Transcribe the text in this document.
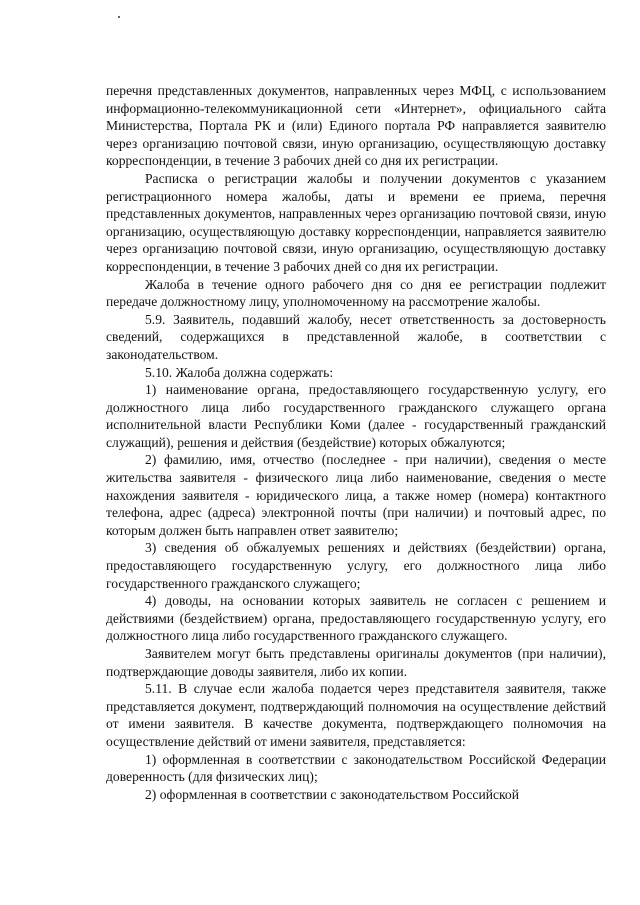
перечня представленных документов, направленных через МФЦ, с использованием информационно-телекоммуникационной сети «Интернет», официального сайта Министерства, Портала РК и (или) Единого портала РФ направляется заявителю через организацию почтовой связи, иную организацию, осуществляющую доставку корреспонденции, в течение 3 рабочих дней со дня их регистрации.

Расписка о регистрации жалобы и получении документов с указанием регистрационного номера жалобы, даты и времени ее приема, перечня представленных документов, направленных через организацию почтовой связи, иную организацию, осуществляющую доставку корреспонденции, направляется заявителю через организацию почтовой связи, иную организацию, осуществляющую доставку корреспонденции, в течение 3 рабочих дней со дня их регистрации.

Жалоба в течение одного рабочего дня со дня ее регистрации подлежит передаче должностному лицу, уполномоченному на рассмотрение жалобы.

5.9. Заявитель, подавший жалобу, несет ответственность за достоверность сведений, содержащихся в представленной жалобе, в соответствии с законодательством.

5.10. Жалоба должна содержать:

1) наименование органа, предоставляющего государственную услугу, его должностного лица либо государственного гражданского служащего органа исполнительной власти Республики Коми (далее - государственный гражданский служащий), решения и действия (бездействие) которых обжалуются;

2) фамилию, имя, отчество (последнее - при наличии), сведения о месте жительства заявителя - физического лица либо наименование, сведения о месте нахождения заявителя - юридического лица, а также номер (номера) контактного телефона, адрес (адреса) электронной почты (при наличии) и почтовый адрес, по которым должен быть направлен ответ заявителю;

3) сведения об обжалуемых решениях и действиях (бездействии) органа, предоставляющего государственную услугу, его должностного лица либо государственного гражданского служащего;

4) доводы, на основании которых заявитель не согласен с решением и действиями (бездействием) органа, предоставляющего государственную услугу, его должностного лица либо государственного гражданского служащего.

Заявителем могут быть представлены оригиналы документов (при наличии), подтверждающие доводы заявителя, либо их копии.

5.11. В случае если жалоба подается через представителя заявителя, также представляется документ, подтверждающий полномочия на осуществление действий от имени заявителя. В качестве документа, подтверждающего полномочия на осуществление действий от имени заявителя, представляется:

1) оформленная в соответствии с законодательством Российской Федерации доверенность (для физических лиц);

2) оформленная в соответствии с законодательством Российской
